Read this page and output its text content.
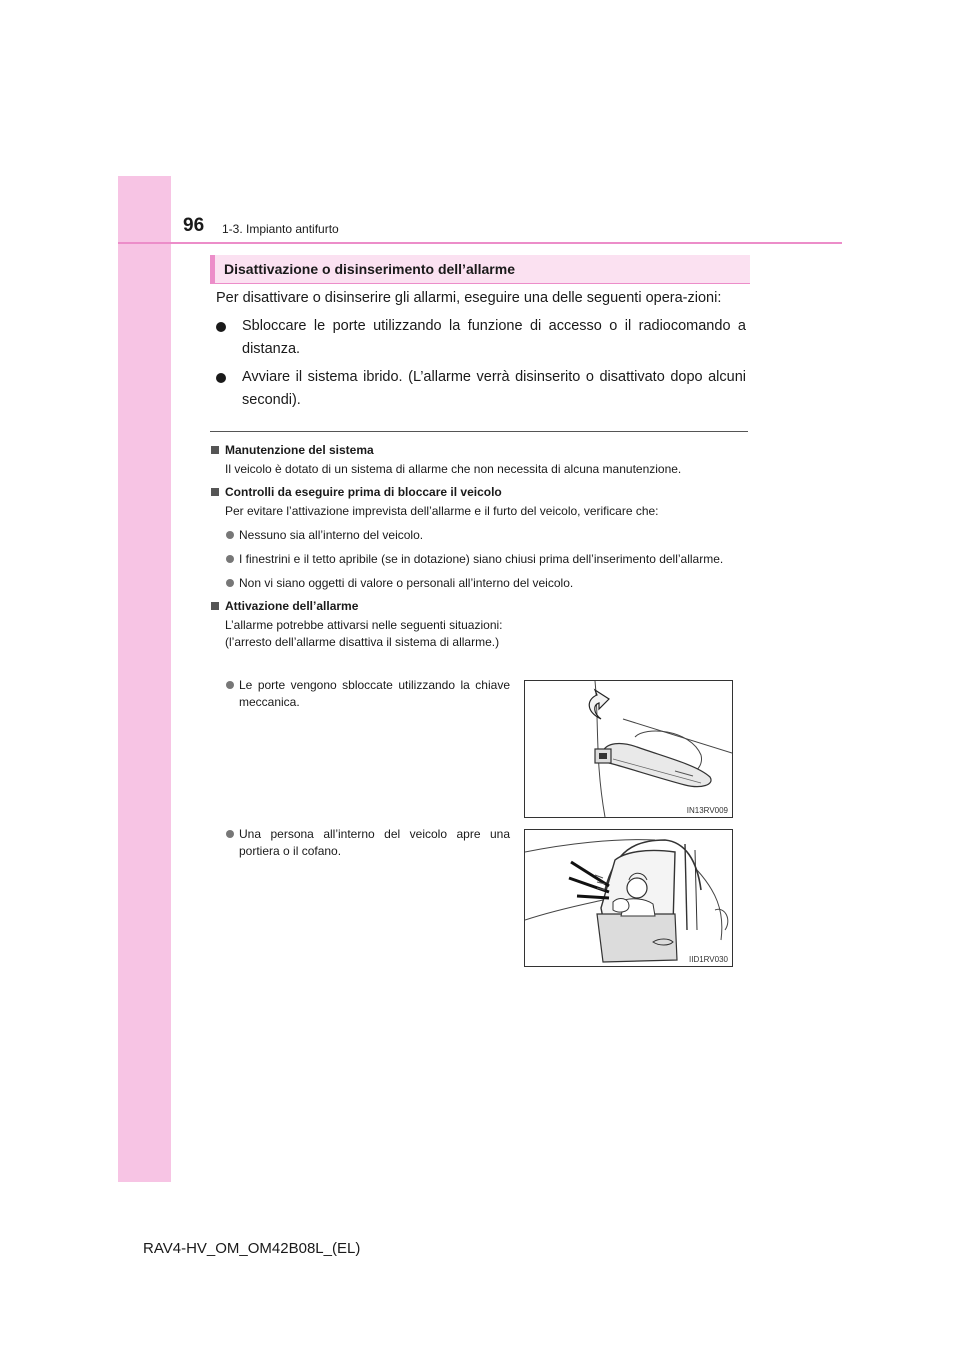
96 1-3. Impianto antifurto
Disattivazione o disinserimento dell’allarme

Per disattivare o disinserire gli allarmi, eseguire una delle seguenti opera-zioni:

Sbloccare le porte utilizzando la funzione di accesso o il radiocomando a distanza.
Avviare il sistema ibrido. (L’allarme verrà disinserito o disattivato dopo alcuni secondi).
Manutenzione del sistema
Il veicolo è dotato di un sistema di allarme che non necessita di alcuna manutenzione.
Controlli da eseguire prima di bloccare il veicolo
Per evitare l’attivazione imprevista dell’allarme e il furto del veicolo, verificare che:
Nessuno sia all’interno del veicolo.
I finestrini e il tetto apribile (se in dotazione) siano chiusi prima dell’inserimento dell’allarme.
Non vi siano oggetti di valore o personali all’interno del veicolo.
Attivazione dell’allarme
L’allarme potrebbe attivarsi nelle seguenti situazioni:
(l’arresto dell’allarme disattiva il sistema di allarme.)
Le porte vengono sbloccate utilizzando la chiave meccanica.
IN13RV009
Una persona all’interno del veicolo apre una portiera o il cofano.
IID1RV030
RAV4-HV_OM_OM42B08L_(EL)
